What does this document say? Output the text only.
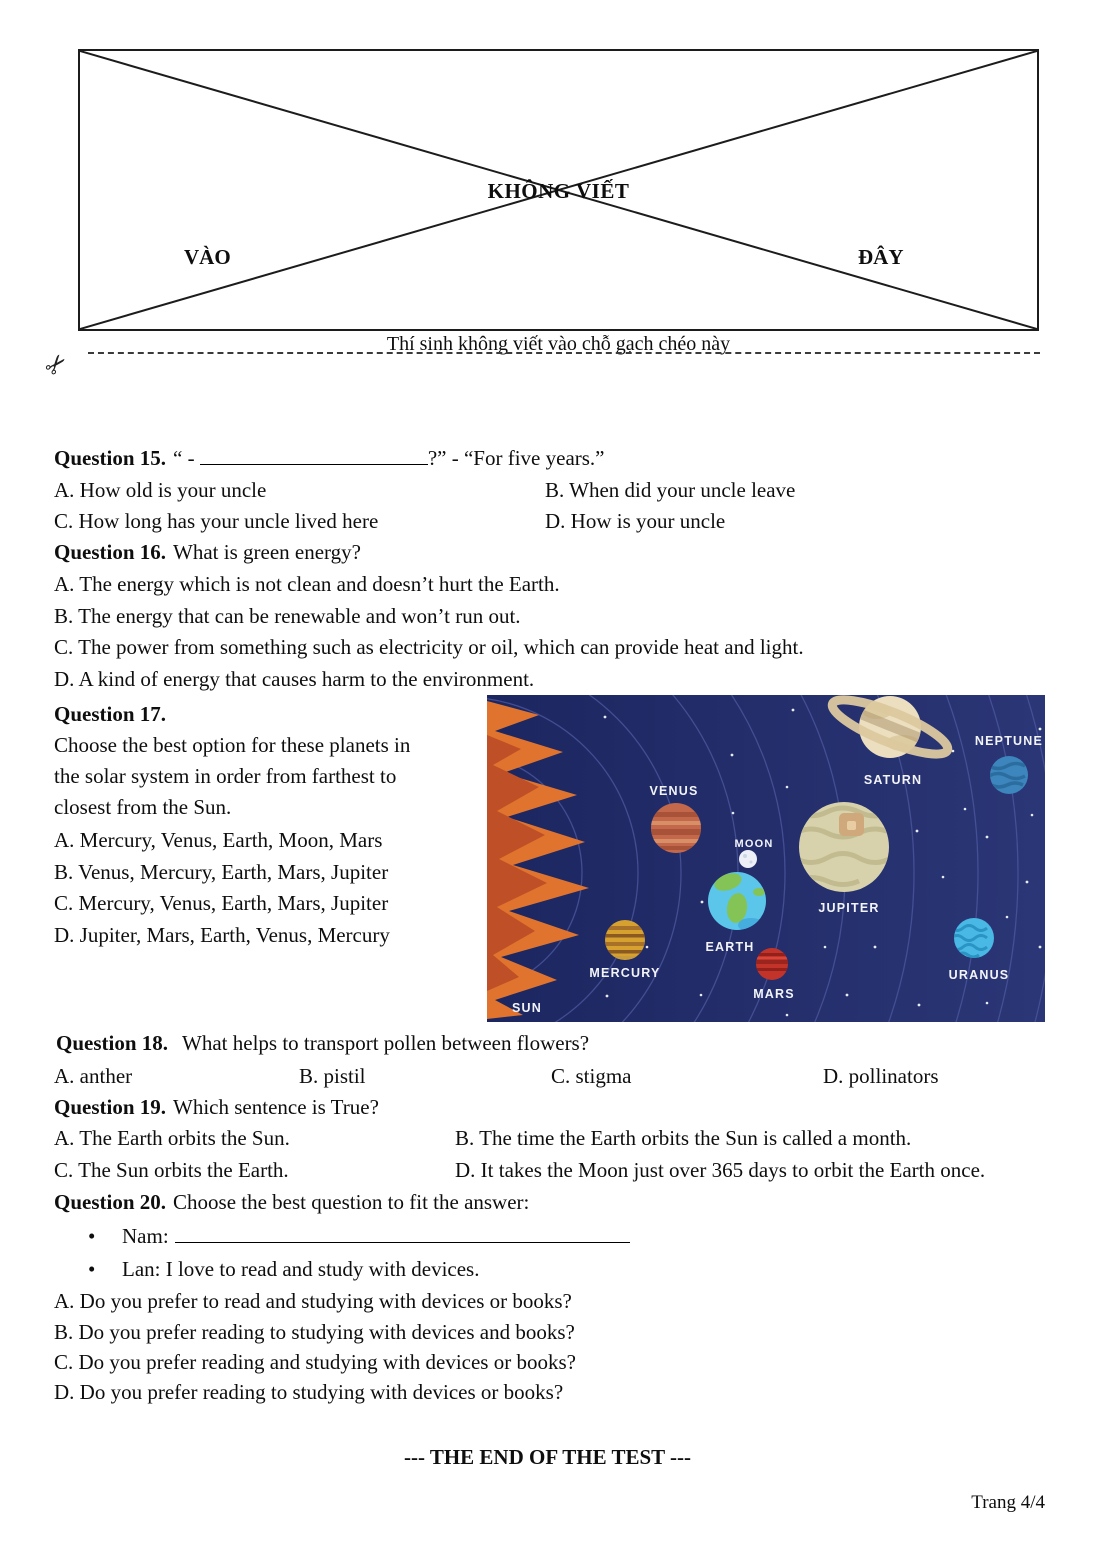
KHÔNG VIẾT
VÀO	ĐÂY
Thí sinh không viết vào chỗ gạch chéo này
✂
Question 15. “ -	?” - “For five years.”
A. How old is your uncle	B. When did your uncle leave
C. How long has your uncle lived here	D. How is your uncle
Question 16. What is green energy?
A. The energy which is not clean and doesn’t hurt the Earth.
B. The energy that can be renewable and won’t run out.
C. The power from something such as electricity or oil, which can provide heat and light.
D. A kind of energy that causes harm to the environment.
Question 17.
Choose the best option for these planets in
the solar system in order from farthest to
closest from the Sun.
A. Mercury, Venus, Earth, Moon, Mars
B. Venus, Mercury, Earth, Mars, Jupiter
C. Mercury, Venus, Earth, Mars, Jupiter
D. Jupiter, Mars, Earth, Venus, Mercury
SUN
MERCURY
VENUS
MOON
EARTH
MARS
JUPITER
SATURN
URANUS
NEPTUNE
Question 18. What helps to transport pollen between flowers?
A. anther	B. pistil	C. stigma	D. pollinators
Question 19. Which sentence is True?
A. The Earth orbits the Sun.	B. The time the Earth orbits the Sun is called a month.
C. The Sun orbits the Earth.	D. It takes the Moon just over 365 days to orbit the Earth once.
Question 20. Choose the best question to fit the answer:
• Nam:
• Lan: I love to read and study with devices.
A. Do you prefer to read and studying with devices or books?
B. Do you prefer reading to studying with devices and books?
C. Do you prefer reading and studying with devices or books?
D. Do you prefer reading to studying with devices or books?
--- THE END OF THE TEST ---
Trang 4/4
